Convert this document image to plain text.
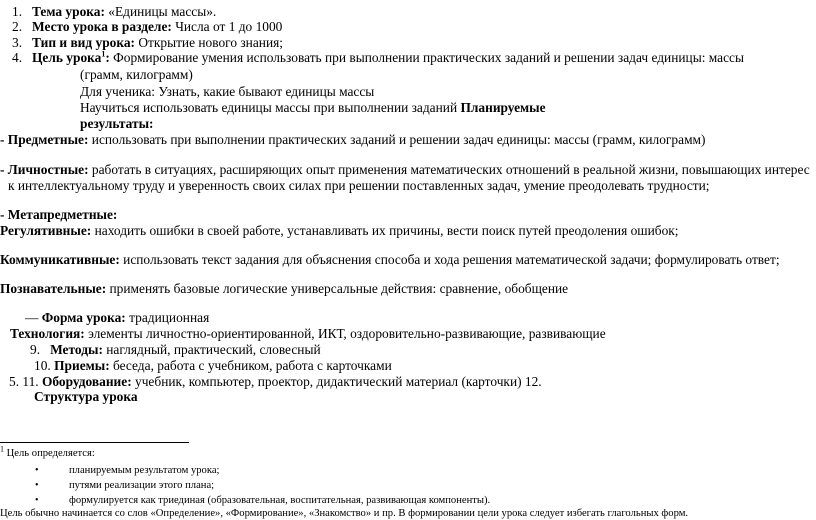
1. Тема урока: «Единицы массы».
2. Место урока в разделе: Числа от 1 до 1000
3. Тип и вид урока: Открытие нового знания;
4. Цель урока$^1$: Формирование умения использовать при выполнении практических заданий и решении задач единицы: массы
(грамм, килограмм)
Для ученика: Узнать, какие бывают единицы массы
Научиться использовать единицы массы при выполнении заданий Планируемые
результаты:
- Предметные: использовать при выполнении практических заданий и решении задач единицы: массы (грамм, килограмм)
- Личностные: работать в ситуациях, расширяющих опыт применения математических отношений в реальной жизни, повышающих интерес
к интеллектуальному труду и уверенность своих силах при решении поставленных задач, умение преодолевать трудности;
- Метапредметные:
Регулятивные: находить ошибки в своей работе, устанавливать их причины, вести поиск путей преодоления ошибок;
Коммуникативные: использовать текст задания для объяснения способа и хода решения математической задачи; формулировать ответ;
Познавательные: применять базовые логические универсальные действия: сравнение, обобщение
— Форма урока: традиционная
Технология: элементы личностно-ориентированной, ИКТ, оздоровительно-развивающие, развивающие
9. Методы: наглядный, практический, словесный
10. Приемы: беседа, работа с учебником, работа с карточками
5. 11. Оборудование: учебник, компьютер, проектор, дидактический материал (карточки) 12.
Структура урока
$^1$ Цель определяется:
•	планируемым результатом урока;
•	путями реализации этого плана;
•	формулируется как триединая (образовательная, воспитательная, развивающая компоненты).
Цель обычно начинается со слов «Определение», «Формирование», «Знакомство» и пр. В формировании цели урока следует избегать глагольных форм.
